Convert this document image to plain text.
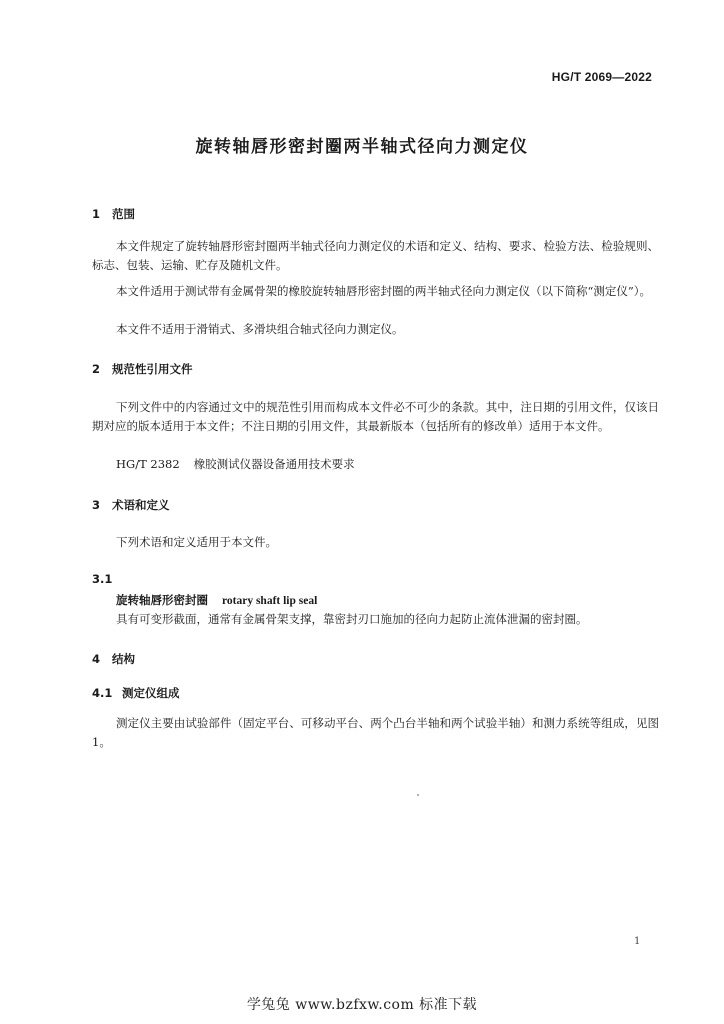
HG/T 2069—2022
旋转轴唇形密封圈两半轴式径向力测定仪
1 范围
本文件规定了旋转轴唇形密封圈两半轴式径向力测定仪的术语和定义、结构、要求、检验方法、检验规则、标志、包装、运输、贮存及随机文件。
本文件适用于测试带有金属骨架的橡胶旋转轴唇形密封圈的两半轴式径向力测定仪（以下简称“测定仪”）。
本文件不适用于滑销式、多滑块组合轴式径向力测定仪。
2 规范性引用文件
下列文件中的内容通过文中的规范性引用而构成本文件必不可少的条款。其中，注日期的引用文件，仅该日期对应的版本适用于本文件；不注日期的引用文件，其最新版本（包括所有的修改单）适用于本文件。
HG/T 2382 橡胶测试仪器设备通用技术要求
3 术语和定义
下列术语和定义适用于本文件。
3.1
旋转轴唇形密封圈 rotary shaft lip seal
具有可变形截面，通常有金属骨架支撑，靠密封刃口施加的径向力起防止流体泄漏的密封圈。
4 结构
4.1 测定仪组成
测定仪主要由试验部件（固定平台、可移动平台、两个凸台半轴和两个试验半轴）和测力系统等组成，见图 1。
1
学兔兔 www.bzfxw.com 标准下载
